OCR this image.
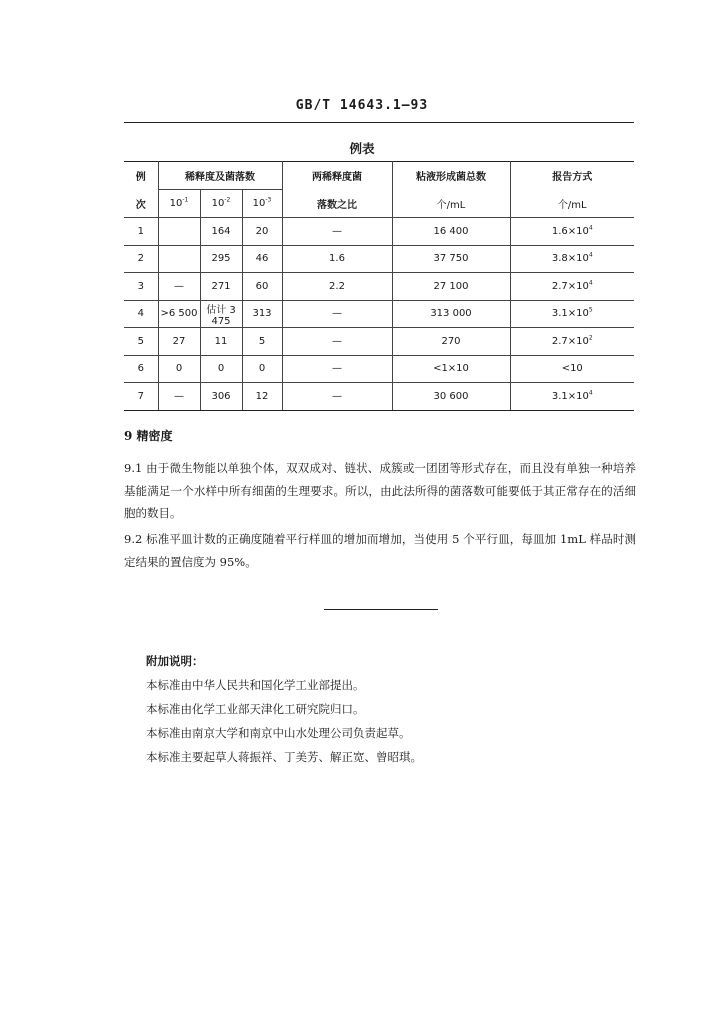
GB/T 14643.1—93
例表
例	稀释度及菌落数			两稀释度菌	粘液形成菌总数	报告方式
次	$10^{-1}$	$10^{-2}$	$10^{-3}$	落数之比	个/mL	个/mL
1		164	20	—	16 400	$1.6\times 10^4$
2		295	46	1.6	37 750	$3.8\times 10^4$
3	—	271	60	2.2	27 100	$2.7\times 10^4$
4	>6 500	估计 3 475	313	—	313 000	$3.1\times 10^5$
5	27	11	5	—	270	$2.7\times 10^2$
6	0	0	0	—	<1×10	<10
7	—	306	12	—	30 600	$3.1\times 10^4$
9 精密度
9.1 由于微生物能以单独个体，双双成对、链状、成簇或一团团等形式存在，而且没有单独一种培养基能满足一个水样中所有细菌的生理要求。所以，由此法所得的菌落数可能要低于其正常存在的活细胞的数目。
9.2 标准平皿计数的正确度随着平行样皿的增加而增加，当使用 5 个平行皿，每皿加 1mL 样品时测定结果的置信度为 95%。
附加说明：
本标准由中华人民共和国化学工业部提出。
本标准由化学工业部天津化工研究院归口。
本标准由南京大学和南京中山水处理公司负责起草。
本标准主要起草人蒋振祥、丁美芳、解正宽、曾昭琪。
